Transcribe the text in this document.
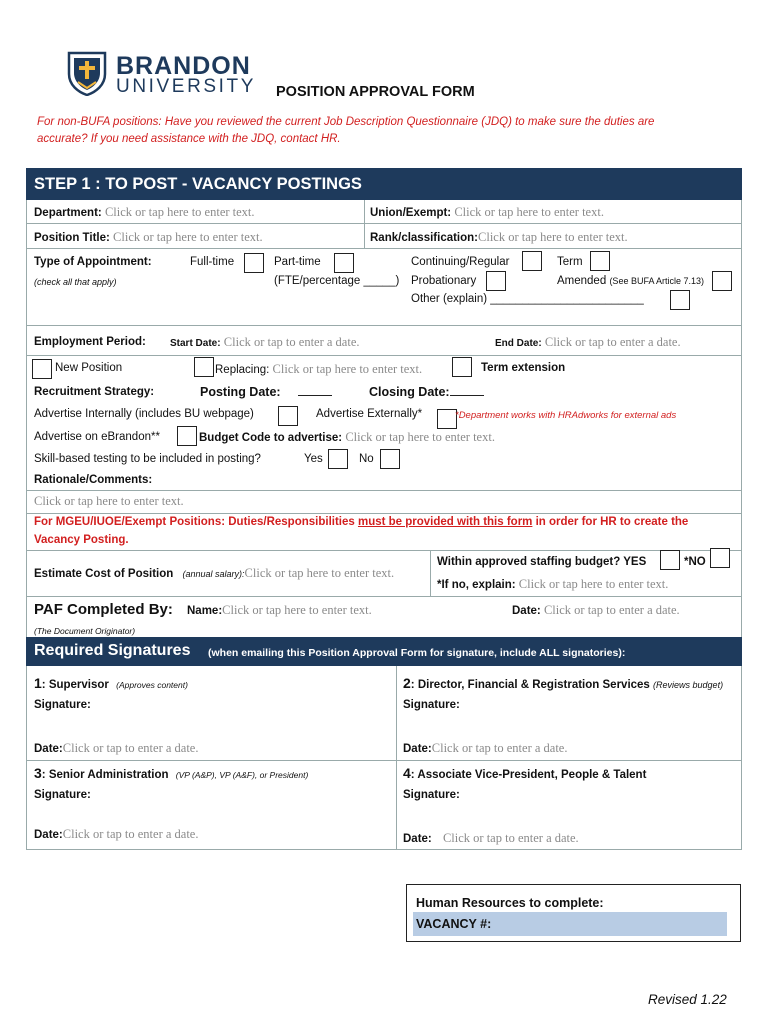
BRANDON
UNIVERSITY POSITION APPROVAL FORM
For non-BUFA positions: Have you reviewed the current Job Description Questionnaire (JDQ) to make sure the duties are
accurate? If you need assistance with the JDQ, contact HR.
STEP 1 : TO POST - VACANCY POSTINGS
Department: Click or tap here to enter text.	Union/Exempt: Click or tap here to enter text.
Position Title: Click or tap here to enter text.	Rank/classification:Click or tap here to enter text.
Type of Appointment:
(check all that apply)
Full-time	Part-time
(FTE/percentage _____)
Continuing/Regular
Probationary
Other (explain) ________________________
Term
Amended (See BUFA Article 7.13)
Employment Period: Start Date: Click or tap to enter a date.	End Date: Click or tap to enter a date.
New Position	Replacing: Click or tap here to enter text.	Term extension
Recruitment Strategy:	Posting Date:	Closing Date:
Advertise Internally (includes BU webpage)	Advertise Externally*	*Department works with HRAdworks for external ads
Advertise on eBrandon**	Budget Code to advertise: Click or tap here to enter text.
Skill-based testing to be included in posting?	Yes	No
Rationale/Comments:
Click or tap here to enter text.
For MGEU/IUOE/Exempt Positions: Duties/Responsibilities must be provided with this form in order for HR to create the
Vacancy Posting.
Estimate Cost of Position (annual salary):Click or tap here to enter text.
Within approved staffing budget? YES	*NO
*If no, explain: Click or tap here to enter text.
PAF Completed By: Name:Click or tap here to enter text.	Date: Click or tap to enter a date.
(The Document Originator)
Required Signatures (when emailing this Position Approval Form for signature, include ALL signatories):
1: Supervisor (Approves content)
Signature:
Date:Click or tap to enter a date.
2: Director, Financial & Registration Services (Reviews budget)
Signature:
Date:Click or tap to enter a date.
3: Senior Administration (VP (A&P), VP (A&F), or President)
Signature:
Date:Click or tap to enter a date.
4: Associate Vice-President, People & Talent
Signature:
Date: Click or tap to enter a date.
Human Resources to complete:
VACANCY #:
Revised 1.22
